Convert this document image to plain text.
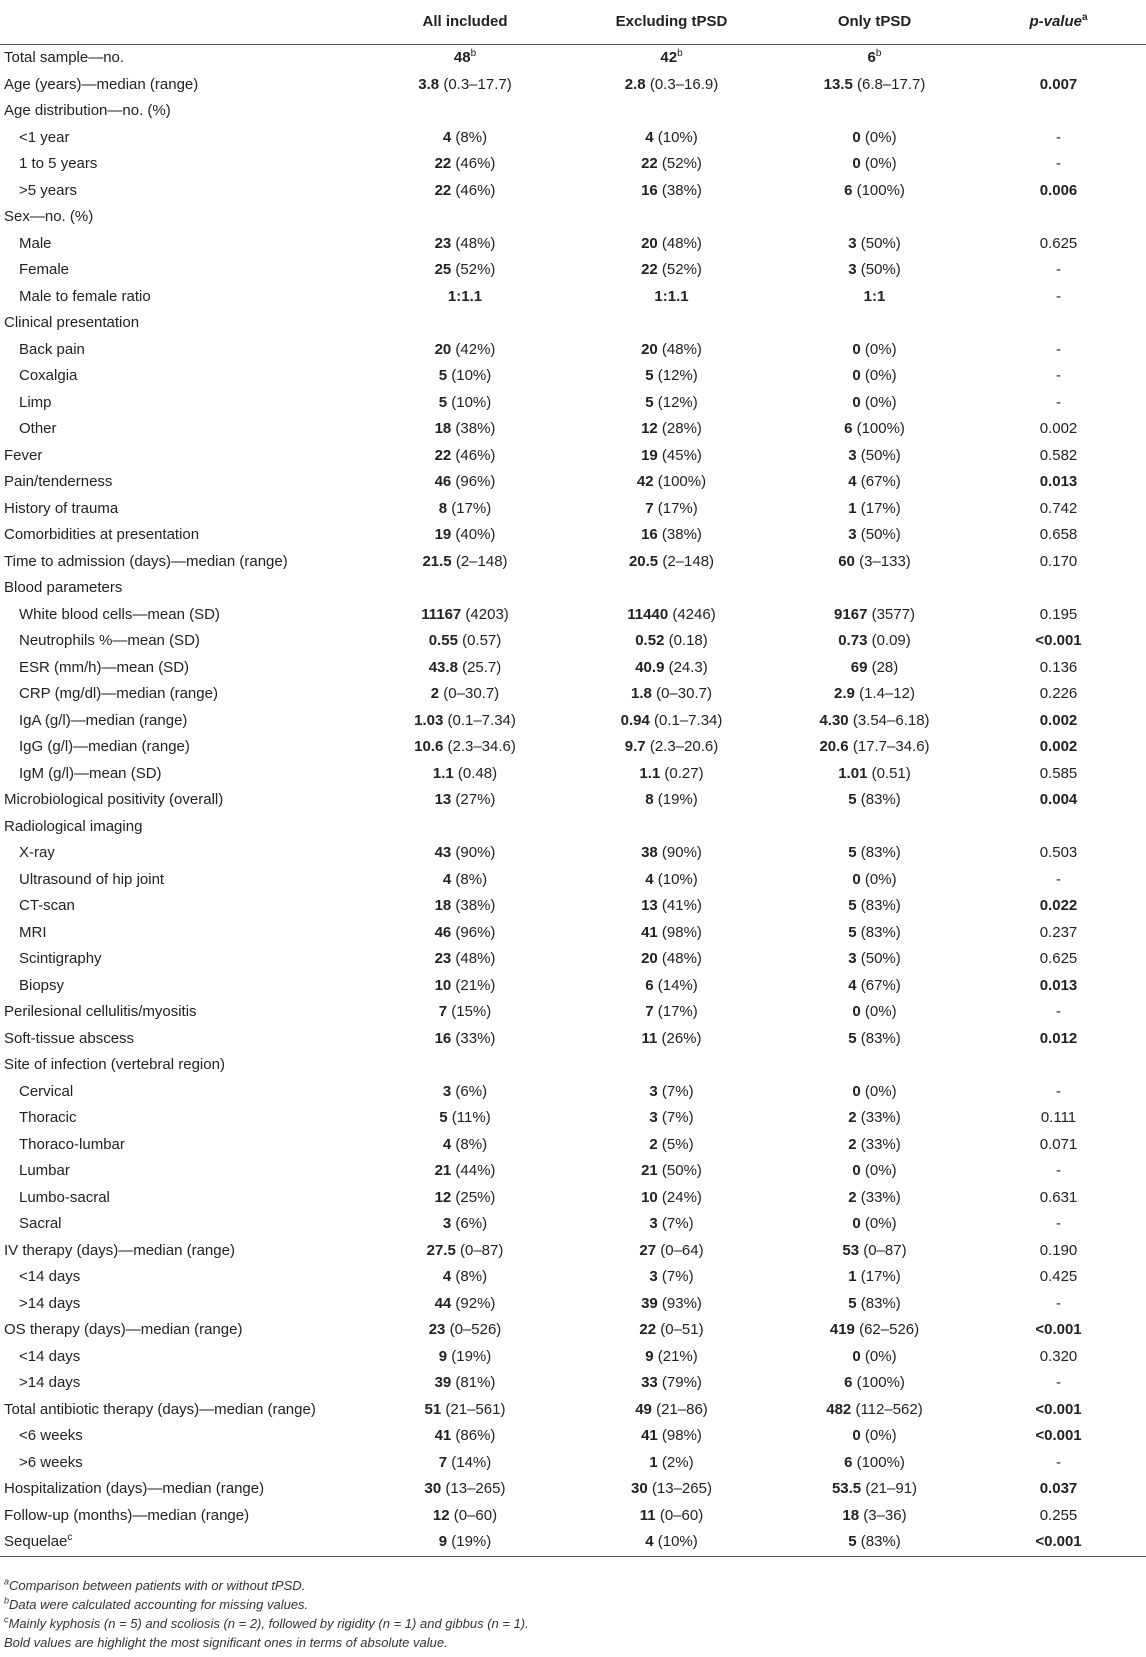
	All included	Excluding tPSD	Only tPSD	p-value$^a$
Total sample—no.	48$^b$	42$^b$	6$^b$	
Age (years)—median (range)	3.8 (0.3–17.7)	2.8 (0.3–16.9)	13.5 (6.8–17.7)	0.007
Age distribution—no. (%)				
<1 year	4 (8%)	4 (10%)	0 (0%)	-
1 to 5 years	22 (46%)	22 (52%)	0 (0%)	-
>5 years	22 (46%)	16 (38%)	6 (100%)	0.006
Sex—no. (%)				
Male	23 (48%)	20 (48%)	3 (50%)	0.625
Female	25 (52%)	22 (52%)	3 (50%)	-
Male to female ratio	1:1.1	1:1.1	1:1	-
Clinical presentation				
Back pain	20 (42%)	20 (48%)	0 (0%)	-
Coxalgia	5 (10%)	5 (12%)	0 (0%)	-
Limp	5 (10%)	5 (12%)	0 (0%)	-
Other	18 (38%)	12 (28%)	6 (100%)	0.002
Fever	22 (46%)	19 (45%)	3 (50%)	0.582
Pain/tenderness	46 (96%)	42 (100%)	4 (67%)	0.013
History of trauma	8 (17%)	7 (17%)	1 (17%)	0.742
Comorbidities at presentation	19 (40%)	16 (38%)	3 (50%)	0.658
Time to admission (days)—median (range)	21.5 (2–148)	20.5 (2–148)	60 (3–133)	0.170
Blood parameters				
White blood cells—mean (SD)	11167 (4203)	11440 (4246)	9167 (3577)	0.195
Neutrophils %—mean (SD)	0.55 (0.57)	0.52 (0.18)	0.73 (0.09)	<0.001
ESR (mm/h)—mean (SD)	43.8 (25.7)	40.9 (24.3)	69 (28)	0.136
CRP (mg/dl)—median (range)	2 (0–30.7)	1.8 (0–30.7)	2.9 (1.4–12)	0.226
IgA (g/l)—median (range)	1.03 (0.1–7.34)	0.94 (0.1–7.34)	4.30 (3.54–6.18)	0.002
IgG (g/l)—median (range)	10.6 (2.3–34.6)	9.7 (2.3–20.6)	20.6 (17.7–34.6)	0.002
IgM (g/l)—mean (SD)	1.1 (0.48)	1.1 (0.27)	1.01 (0.51)	0.585
Microbiological positivity (overall)	13 (27%)	8 (19%)	5 (83%)	0.004
Radiological imaging				
X-ray	43 (90%)	38 (90%)	5 (83%)	0.503
Ultrasound of hip joint	4 (8%)	4 (10%)	0 (0%)	-
CT-scan	18 (38%)	13 (41%)	5 (83%)	0.022
MRI	46 (96%)	41 (98%)	5 (83%)	0.237
Scintigraphy	23 (48%)	20 (48%)	3 (50%)	0.625
Biopsy	10 (21%)	6 (14%)	4 (67%)	0.013
Perilesional cellulitis/myositis	7 (15%)	7 (17%)	0 (0%)	-
Soft-tissue abscess	16 (33%)	11 (26%)	5 (83%)	0.012
Site of infection (vertebral region)				
Cervical	3 (6%)	3 (7%)	0 (0%)	-
Thoracic	5 (11%)	3 (7%)	2 (33%)	0.111
Thoraco-lumbar	4 (8%)	2 (5%)	2 (33%)	0.071
Lumbar	21 (44%)	21 (50%)	0 (0%)	-
Lumbo-sacral	12 (25%)	10 (24%)	2 (33%)	0.631
Sacral	3 (6%)	3 (7%)	0 (0%)	-
IV therapy (days)—median (range)	27.5 (0–87)	27 (0–64)	53 (0–87)	0.190
<14 days	4 (8%)	3 (7%)	1 (17%)	0.425
>14 days	44 (92%)	39 (93%)	5 (83%)	-
OS therapy (days)—median (range)	23 (0–526)	22 (0–51)	419 (62–526)	<0.001
<14 days	9 (19%)	9 (21%)	0 (0%)	0.320
>14 days	39 (81%)	33 (79%)	6 (100%)	-
Total antibiotic therapy (days)—median (range)	51 (21–561)	49 (21–86)	482 (112–562)	<0.001
<6 weeks	41 (86%)	41 (98%)	0 (0%)	<0.001
>6 weeks	7 (14%)	1 (2%)	6 (100%)	-
Hospitalization (days)—median (range)	30 (13–265)	30 (13–265)	53.5 (21–91)	0.037
Follow-up (months)—median (range)	12 (0–60)	11 (0–60)	18 (3–36)	0.255
Sequelae$^c$	9 (19%)	4 (10%)	5 (83%)	<0.001
$^a$Comparison between patients with or without tPSD.
$^b$Data were calculated accounting for missing values.
$^c$Mainly kyphosis (n = 5) and scoliosis (n = 2), followed by rigidity (n = 1) and gibbus (n = 1).
Bold values are highlight the most significant ones in terms of absolute value.
